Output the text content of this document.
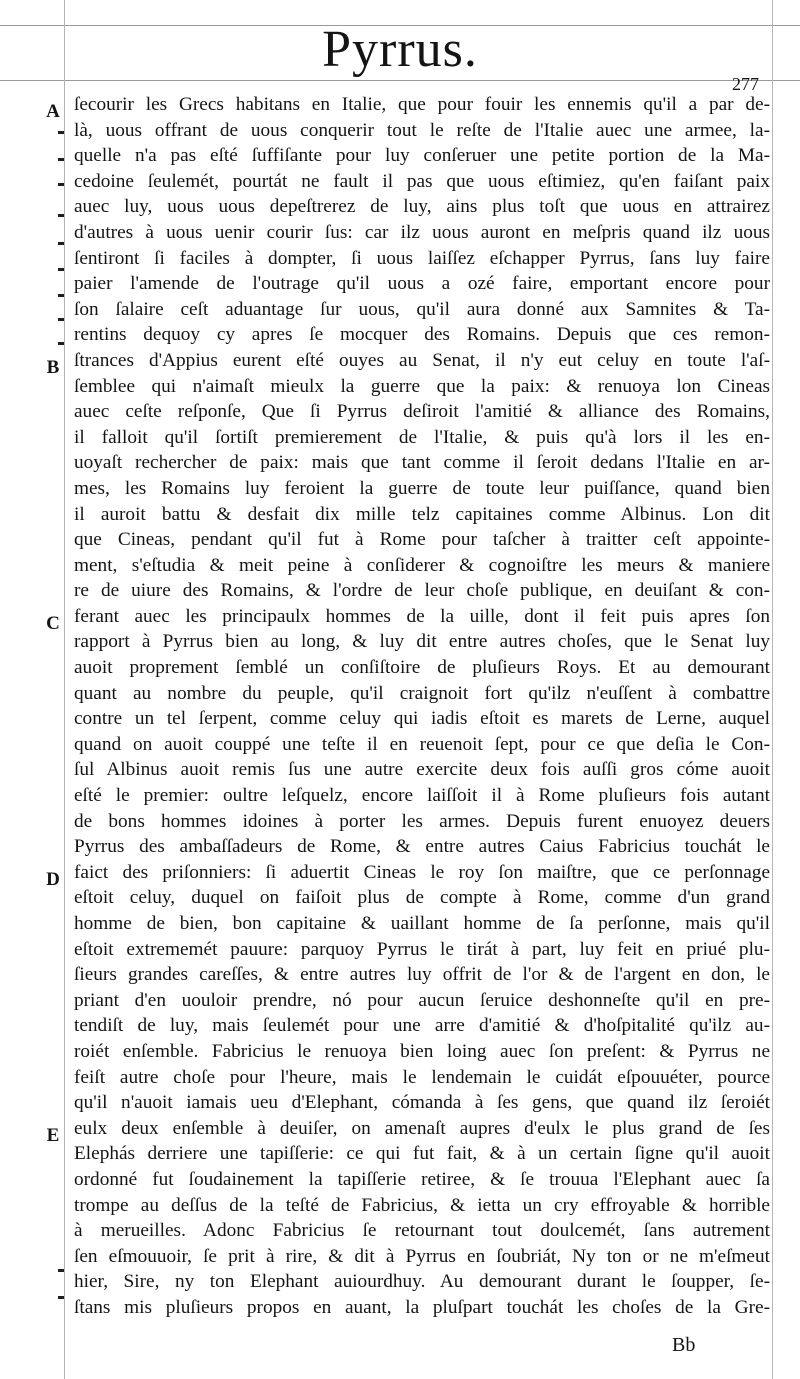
Pyrrus.
277
A
B
C
D
E
ſecourir les Grecs habitans en Italie, que pour fouir les ennemis qu'il a par de-
là, uous offrant de uous conquerir tout le reſte de l'Italie auec une armee, la-
quelle n'a pas eſté ſuffiſante pour luy conſeruer une petite portion de la Ma-
cedoine ſeulemét, pourtát ne fault il pas que uous eſtimiez, qu'en faiſant paix
auec luy, uous uous depeſtrerez de luy, ains plus toſt que uous en attrairez
d'autres à uous uenir courir ſus: car ilz uous auront en meſpris quand ilz uous
ſentiront ſi faciles à dompter, ſi uous laiſſez eſchapper Pyrrus, ſans luy faire
paier l'amende de l'outrage qu'il uous a ozé faire, emportant encore pour
ſon ſalaire ceſt aduantage ſur uous, qu'il aura donné aux Samnites & Ta-
rentins dequoy cy apres ſe mocquer des Romains. Depuis que ces remon-
ſtrances d'Appius eurent eſté ouyes au Senat, il n'y eut celuy en toute l'aſ-
ſemblee qui n'aimaſt mieulx la guerre que la paix: & renuoya lon Cineas
auec ceſte reſponſe, Que ſi Pyrrus deſiroit l'amitié & alliance des Romains,
il falloit qu'il ſortiſt premierement de l'Italie, & puis qu'à lors il les en-
uoyaſt rechercher de paix: mais que tant comme il ſeroit dedans l'Italie en ar-
mes, les Romains luy feroient la guerre de toute leur puiſſance, quand bien
il auroit battu & desfait dix mille telz capitaines comme Albinus. Lon dit
que Cineas, pendant qu'il fut à Rome pour taſcher à traitter ceſt appointe-
ment, s'eſtudia & meit peine à conſiderer & cognoiſtre les meurs & maniere
re de uiure des Romains, & l'ordre de leur choſe publique, en deuiſant & con-
ferant auec les principaulx hommes de la uille, dont il feit puis apres ſon
rapport à Pyrrus bien au long, & luy dit entre autres choſes, que le Senat luy
auoit proprement ſemblé un conſiſtoire de pluſieurs Roys. Et au demourant
quant au nombre du peuple, qu'il craignoit fort qu'ilz n'euſſent à combattre
contre un tel ſerpent, comme celuy qui iadis eſtoit es marets de Lerne, auquel
quand on auoit couppé une teſte il en reuenoit ſept, pour ce que deſia le Con-
ſul Albinus auoit remis ſus une autre exercite deux fois auſſi gros cóme auoit
eſté le premier: oultre leſquelz, encore laiſſoit il à Rome pluſieurs fois autant
de bons hommes idoines à porter les armes. Depuis furent enuoyez deuers
Pyrrus des ambaſſadeurs de Rome, & entre autres Caius Fabricius touchát le
faict des priſonniers: ſi aduertit Cineas le roy ſon maiſtre, que ce perſonnage
eſtoit celuy, duquel on faiſoit plus de compte à Rome, comme d'un grand
homme de bien, bon capitaine & uaillant homme de ſa perſonne, mais qu'il
eſtoit extrememét pauure: parquoy Pyrrus le tirát à part, luy feit en priué plu-
ſieurs grandes careſſes, & entre autres luy offrit de l'or & de l'argent en don, le
priant d'en uouloir prendre, nó pour aucun ſeruice deshonneſte qu'il en pre-
tendiſt de luy, mais ſeulemét pour une arre d'amitié & d'hoſpitalité qu'ilz au-
roiét enſemble. Fabricius le renuoya bien loing auec ſon preſent: & Pyrrus ne
feiſt autre choſe pour l'heure, mais le lendemain le cuidát eſpouuéter, pource
qu'il n'auoit iamais ueu d'Elephant, cómanda à ſes gens, que quand ilz ſeroiét
eulx deux enſemble à deuiſer, on amenaſt aupres d'eulx le plus grand de ſes
Elephás derriere une tapiſſerie: ce qui fut fait, & à un certain ſigne qu'il auoit
ordonné fut ſoudainement la tapiſſerie retiree, & ſe trouua l'Elephant auec ſa
trompe au deſſus de la teſté de Fabricius, & ietta un cry effroyable & horrible
à merueilles. Adonc Fabricius ſe retournant tout doulcemét, ſans autrement
ſen eſmouuoir, ſe prit à rire, & dit à Pyrrus en ſoubriát, Ny ton or ne m'eſmeut
hier, Sire, ny ton Elephant auiourdhuy. Au demourant durant le ſoupper, ſe-
ſtans mis pluſieurs propos en auant, la pluſpart touchát les choſes de la Gre-
Bb
